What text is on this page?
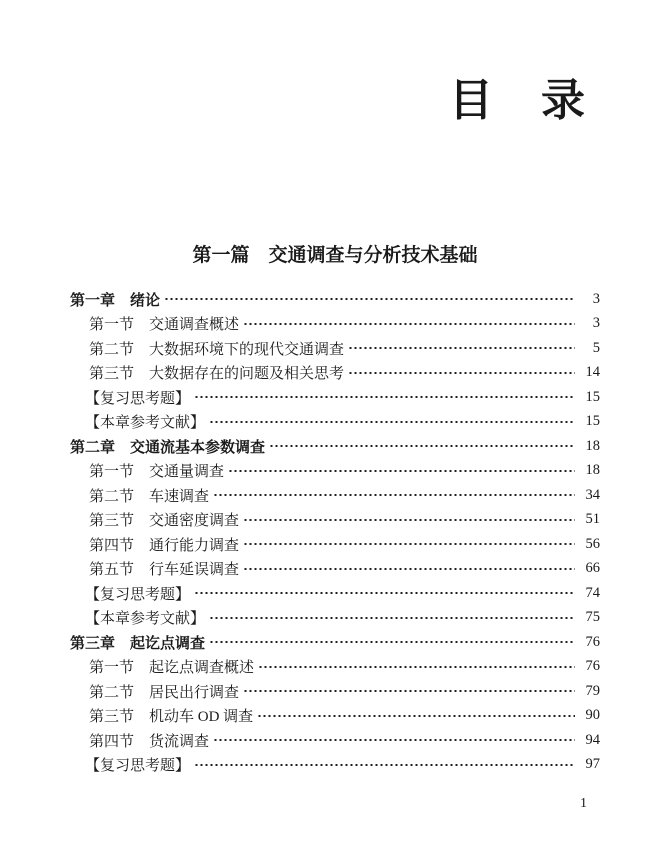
目　录
第一篇　交通调查与分析技术基础
第一章　绪论	3
第一节　交通调查概述	3
第二节　大数据环境下的现代交通调查	5
第三节　大数据存在的问题及相关思考	14
【复习思考题】	15
【本章参考文献】	15
第二章　交通流基本参数调查	18
第一节　交通量调查	18
第二节　车速调查	34
第三节　交通密度调查	51
第四节　通行能力调查	56
第五节　行车延误调查	66
【复习思考题】	74
【本章参考文献】	75
第三章　起讫点调查	76
第一节　起讫点调查概述	76
第二节　居民出行调查	79
第三节　机动车 OD 调查	90
第四节　货流调查	94
【复习思考题】	97
1
